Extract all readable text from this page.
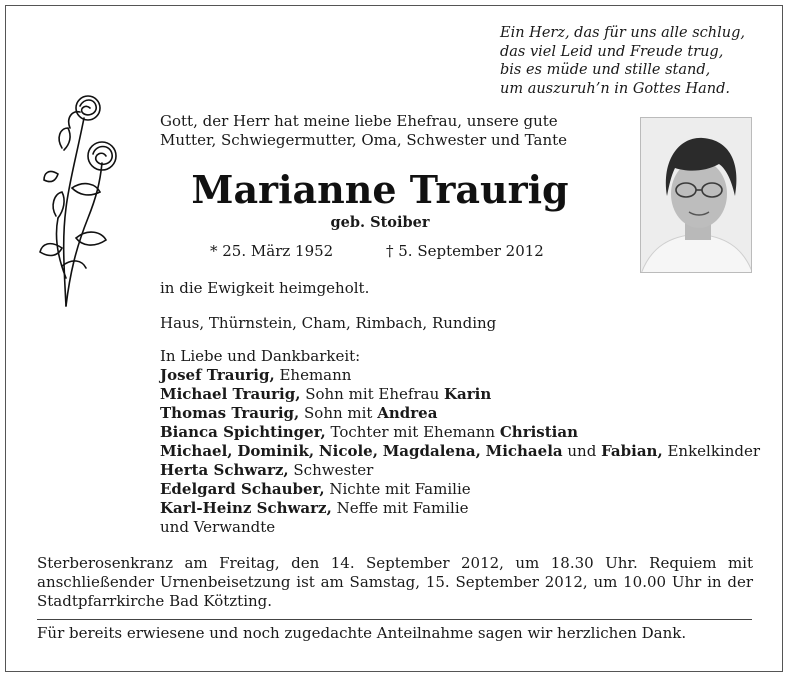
Ein Herz, das für uns alle schlug,
das viel Leid und Freude trug,
bis es müde und stille stand,
um auszuruh’n in Gottes Hand.
Gott, der Herr hat meine liebe Ehefrau, unsere gute
Mutter, Schwiegermutter, Oma, Schwester und Tante
Marianne Traurig
geb. Stoiber
* 25. März 1952	† 5. September 2012
in die Ewigkeit heimgeholt.
Haus, Thürnstein, Cham, Rimbach, Runding
In Liebe und Dankbarkeit:
Josef Traurig, Ehemann
Michael Traurig, Sohn mit Ehefrau Karin
Thomas Traurig, Sohn mit Andrea
Bianca Spichtinger, Tochter mit Ehemann Christian
Michael, Dominik, Nicole, Magdalena, Michaela und Fabian, Enkelkinder
Herta Schwarz, Schwester
Edelgard Schauber, Nichte mit Familie
Karl-Heinz Schwarz, Neffe mit Familie
und Verwandte
Sterberosenkranz am Freitag, den 14. September 2012, um 18.30 Uhr. Requiem mit anschließender Urnenbeisetzung ist am Samstag, 15. September 2012, um 10.00 Uhr in der Stadtpfarrkirche Bad Kötzting.
Für bereits erwiesene und noch zugedachte Anteilnahme sagen wir herzlichen Dank.
